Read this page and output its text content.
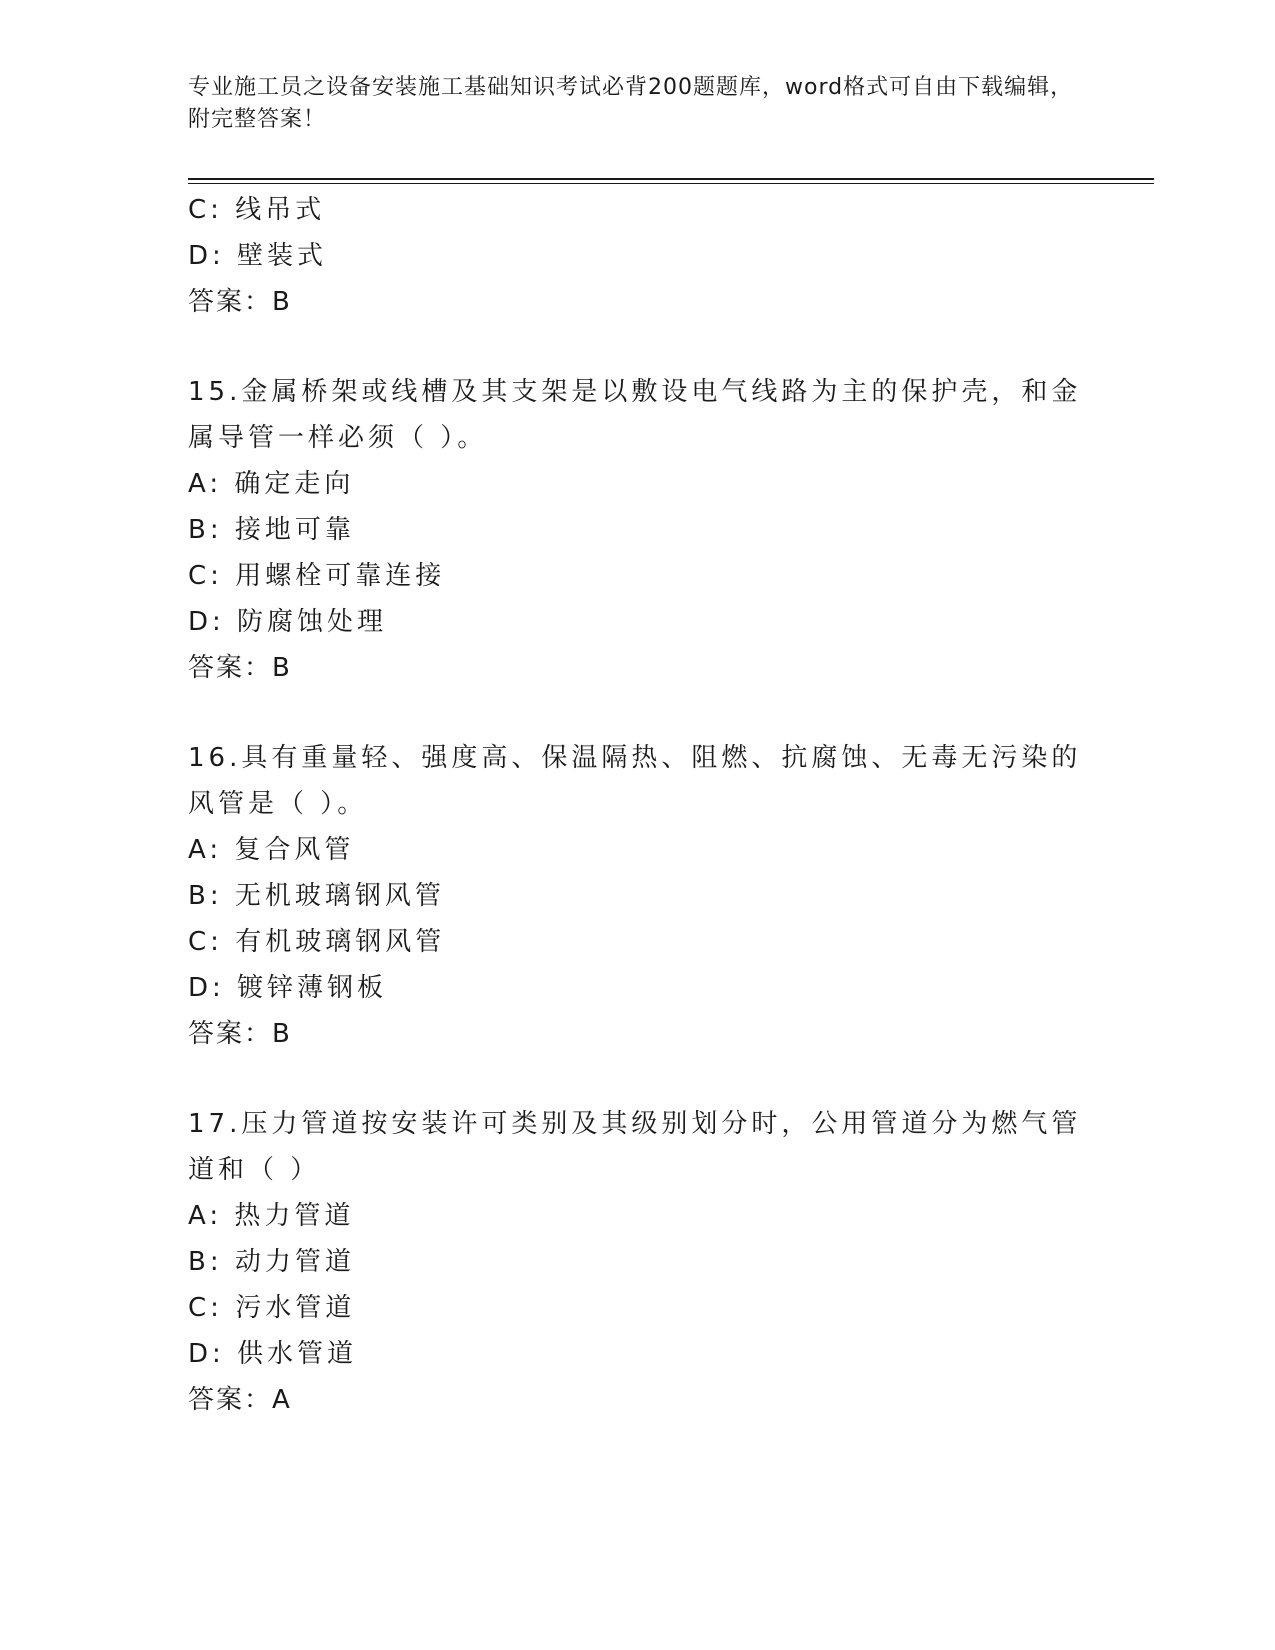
专业施工员之设备安装施工基础知识考试必背200题题库，word格式可自由下载编辑，附完整答案！
C: 线吊式
D: 壁装式
答案：B
15.金属桥架或线槽及其支架是以敷设电气线路为主的保护壳，和金属导管一样必须（ ）。
A: 确定走向
B: 接地可靠
C: 用螺栓可靠连接
D: 防腐蚀处理
答案：B
16.具有重量轻、强度高、保温隔热、阻燃、抗腐蚀、无毒无污染的风管是（ ）。
A: 复合风管
B: 无机玻璃钢风管
C: 有机玻璃钢风管
D: 镀锌薄钢板
答案：B
17.压力管道按安装许可类别及其级别划分时，公用管道分为燃气管道和（ ）
A: 热力管道
B: 动力管道
C: 污水管道
D: 供水管道
答案：A
